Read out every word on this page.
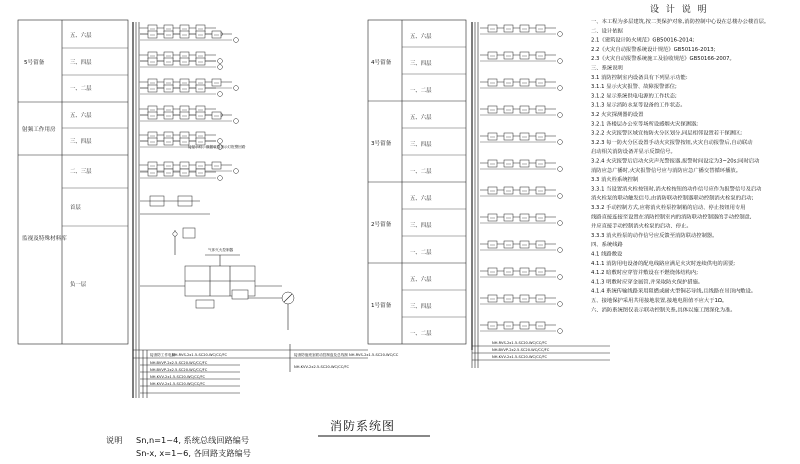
5号留备
射频工作用房
监视及特殊材料库
五、六层
三、四层
一、二层
五、六层
三、四层
二、三层
首层
负一层
接显示灯、数据装置指示灯报警回路
气体灭火控制器
接消防工作电源
NH-RVS-2x1.5-SC20-WC/CC/FC
NH-BVVP-2x2.5-SC20-WC/CC/FC
NH-BVVP-2x2.5-SC20-WC/CC/FC
NH-KVV-2x1.5-SC20-WC/CC/FC
NH-KVV-2x1.5-SC20-WC/CC/FC
接消防值班室联动控制盘及总线制 NH-RVS-2x1.5-SC20-WC/CC
NH-KVV-2x2.5-SC20-WC/CC/FC
4号留备
3号留备
2号留备
1号留备
五、六层
三、四层
一、二层
五、六层
三、四层
一、二层
五、六层
三、四层
一、二层
五、六层
三、四层
一、二层
NH-RVS-2x1.5-SC20-WC/CC/FC
NH-BVVP-2x2.5-SC20-WC/CC/FC
NH-KVV-2x1.5-SC20-WC/CC/FC
消防系统图
说明 Sn,n=1~4, 系统总线回路编号
Sn-x, x=1~6, 各回路支路编号
设 计 说 明
一、本工程为多层建筑,按二类保护对象,消防控制中心设在总楼办公楼首层。
二、设计依据
2.1《建筑设计防火规范》GB50016-2014;
2.2《火灾自动报警系统设计规范》GB50116-2013;
2.3《火灾自动报警系统施工及验收规范》GB50166-2007。
三、系统说明
3.1 消防控制室内设备具有下列显示功能:
3.1.1 显示火灾报警、故障报警部位;
3.1.2 显示系统供电电源的工作状态;
3.1.3 显示消防水泵等设备的工作状态。
3.2 火灾探测器的设置
3.2.1 各楼层办公室等场所设感烟火灾探测器;
3.2.2 火灾报警区域宜按防火分区划分,同层相邻设置若干探测区;
3.2.3 每一防火分区设置手动火灾报警按钮,火灾自动报警后,自动联动
启动相关消防设备并显示反馈信号。
3.2.4 火灾报警后启动火灾声光警报器,报警时间设定为3~20s;同时启动
消防应急广播时,火灾报警信号应与消防应急广播交替循环播放。
3.3 消火栓系统控制
3.3.1 当设置消火栓按钮时,消火栓按钮的动作信号应作为报警信号及启动
消火栓泵的联动触发信号,由消防联动控制器联动控制消火栓泵的启动;
3.3.2 手动控制方式,应将消火栓泵控制箱的启动、停止按钮用专用
线路直接连接至设置在消防控制室内的消防联动控制器的手动控制盘,
并应直接手动控制消火栓泵的启动、停止。
3.3.3 消火栓泵的动作信号应反馈至消防联动控制器。
四、系统线路
4.1 线路敷设
4.1.1 消防用电设备的配电线路应满足火灾时连续供电的需要;
4.1.2 暗敷时应穿管并敷设在不燃烧体结构内;
4.1.3 明敷时应穿金属管,并采取防火保护措施。
4.1.4 系统传输线路采用阻燃或耐火型铜芯导线,且线路在吊顶内敷设。
五、接地保护采用共用接地装置,接地电阻值不应大于1Ω。
六、消防系统图仅表示联动控制关系,具体以施工图深化为准。
